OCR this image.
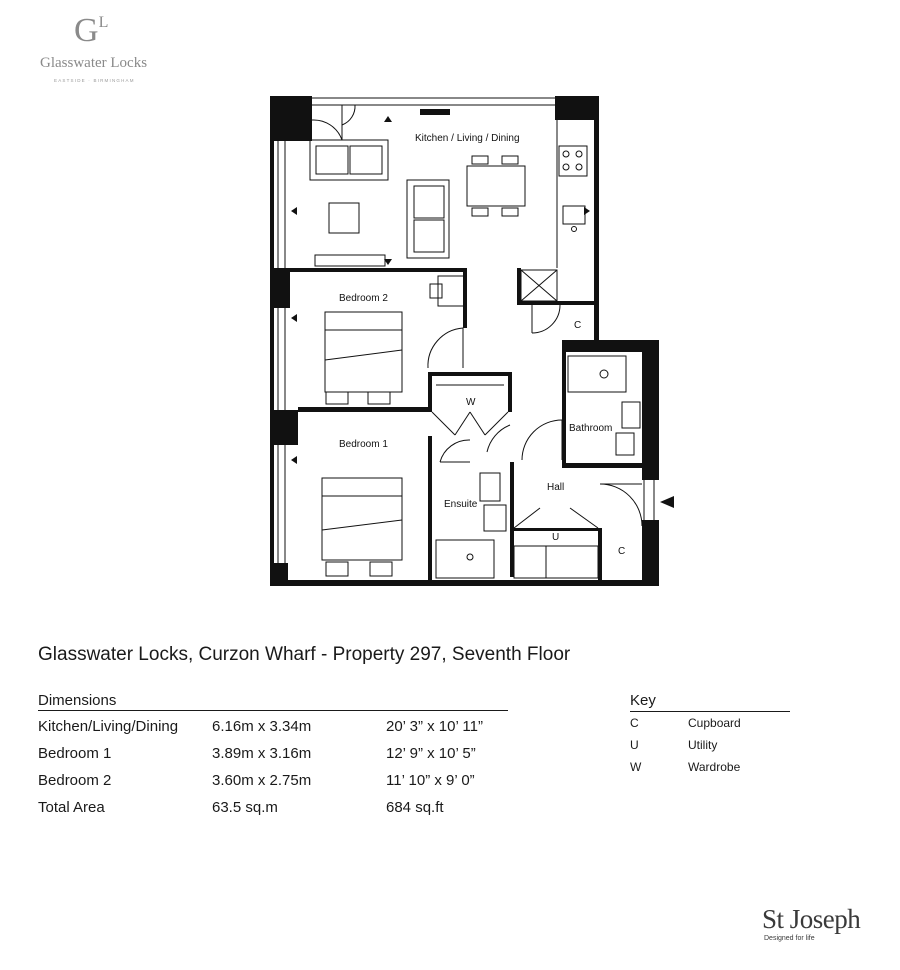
G $^L$
Glasswater Locks
EASTSIDE · BIRMINGHAM
Kitchen / Living / Dining
Bedroom 2
Bedroom 1
Bathroom
Ensuite
Hall
C
C
W
U
Glasswater Locks, Curzon Wharf - Property 297, Seventh Floor
Dimensions
Kitchen/Living/Dining 6.16m x 3.34m	20’ 3” x 10’ 11”
Bedroom 1	3.89m x 3.16m	12’ 9” x 10’ 5”
Bedroom 2	3.60m x 2.75m	11’ 10” x 9’ 0”
Total Area	63.5 sq.m	684 sq.ft
Key
C	Cupboard
U	Utility
W	Wardrobe
St Joseph
Designed for life
